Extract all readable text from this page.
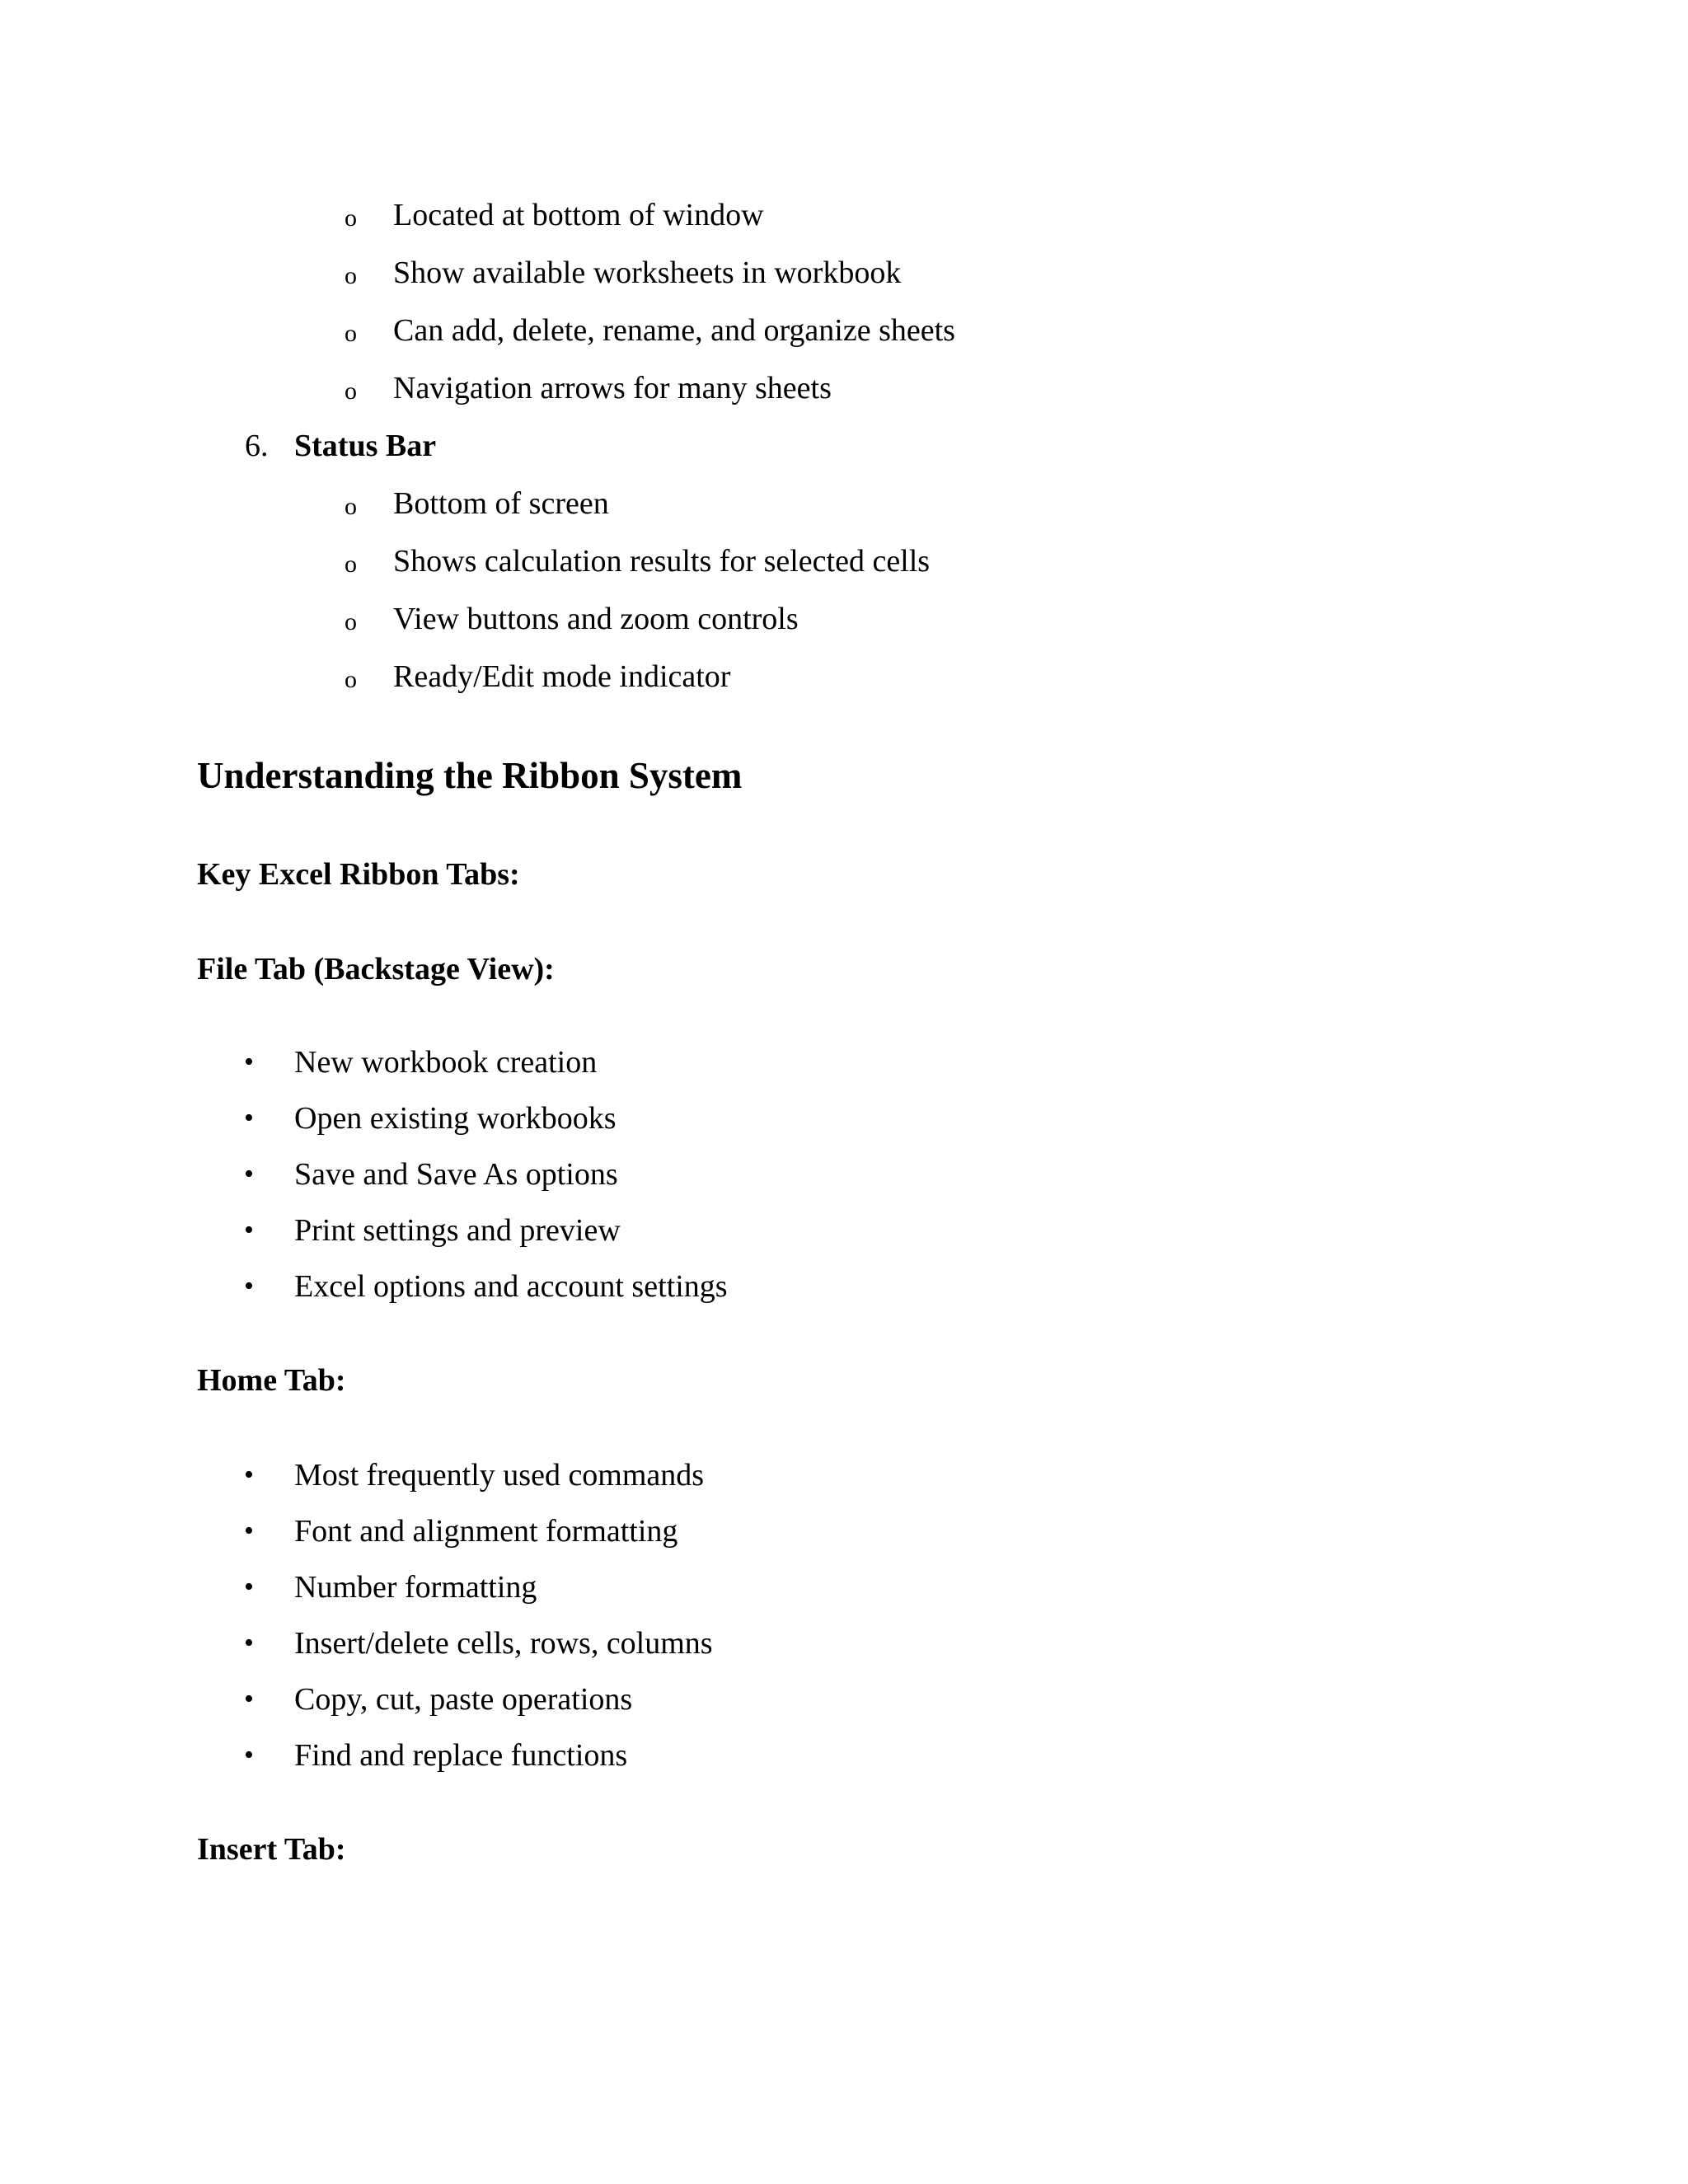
o Located at bottom of window
o Show available worksheets in workbook
o Can add, delete, rename, and organize sheets
o Navigation arrows for many sheets
6. Status Bar
o Bottom of screen
o Shows calculation results for selected cells
o View buttons and zoom controls
o Ready/Edit mode indicator
Understanding the Ribbon System
Key Excel Ribbon Tabs:
File Tab (Backstage View):
• New workbook creation
• Open existing workbooks
• Save and Save As options
• Print settings and preview
• Excel options and account settings
Home Tab:
• Most frequently used commands
• Font and alignment formatting
• Number formatting
• Insert/delete cells, rows, columns
• Copy, cut, paste operations
• Find and replace functions
Insert Tab:
